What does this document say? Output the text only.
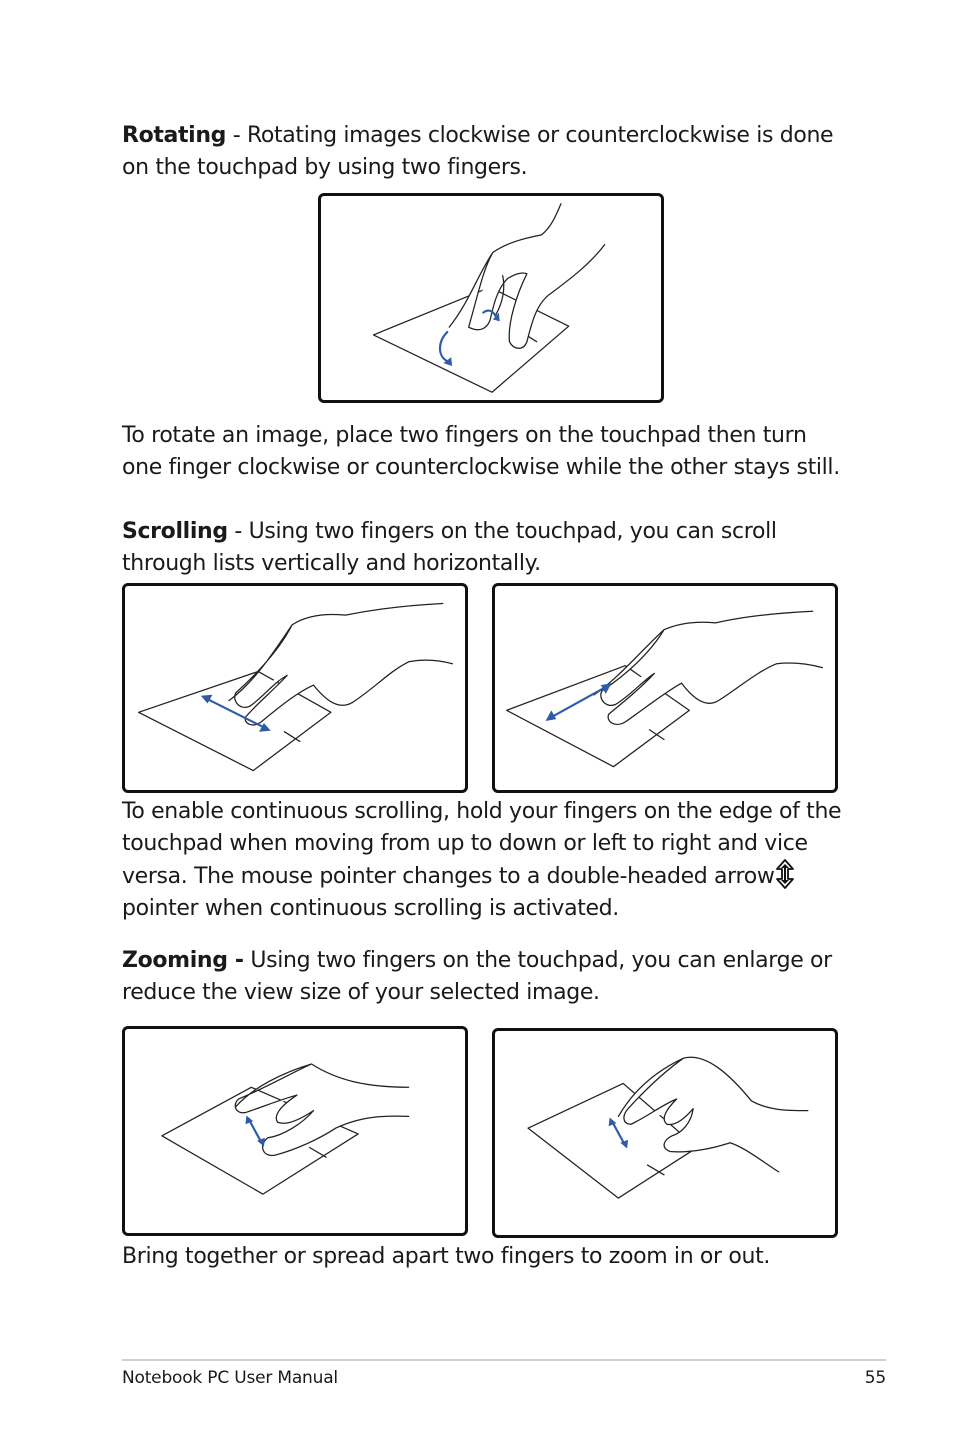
Rotating - Rotating images clockwise or counterclockwise is done on the touchpad by using two fingers.

To rotate an image, place two fingers on the touchpad then turn one finger clockwise or counterclockwise while the other stays still.

Scrolling - Using two fingers on the touchpad, you can scroll through lists vertically and horizontally.

To enable continuous scrolling, hold your fingers on the edge of the touchpad when moving from up to down or left to right and vice versa. The mouse pointer changes to a double-headed arrow pointer when continuous scrolling is activated.

Zooming - Using two fingers on the touchpad, you can enlarge or reduce the view size of your selected image.

Bring together or spread apart two fingers to zoom in or out.

Notebook PC User Manual	55
